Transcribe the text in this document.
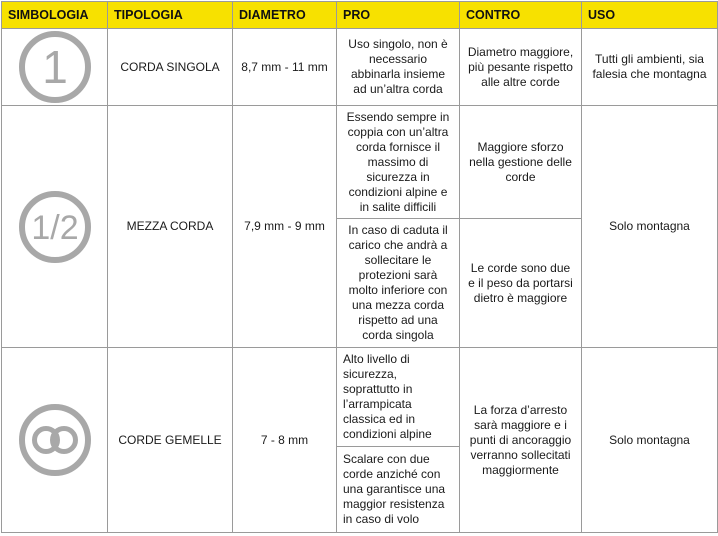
SIMBOLOGIA	TIPOLOGIA	DIAMETRO	PRO	CONTRO	USO

1	CORDA SINGOLA	8,7 mm - 11 mm	Uso singolo, non è necessario abbinarla insieme ad un’altra corda	Diametro maggiore, più pesante rispetto alle altre corde	Tutti gli ambienti, sia falesia che montagna

1/2	MEZZA CORDA	7,9 mm - 9 mm	Essendo sempre in coppia con un’altra corda fornisce il massimo di sicurezza in condizioni alpine e in salite difficili	Maggiore sforzo nella gestione delle corde	Solo montagna
			In caso di caduta il carico che andrà a sollecitare le protezioni sarà molto inferiore con una mezza corda rispetto ad una corda singola	Le corde sono due e il peso da portarsi dietro è maggiore	

	CORDE GEMELLE	7 - 8 mm	Alto livello di sicurezza, soprattutto in l’arrampicata classica ed in condizioni alpine	La forza d’arresto sarà maggiore e i punti di ancoraggio verranno sollecitati maggiormente	Solo montagna
			Scalare con due corde anziché con una garantisce una maggior resistenza in caso di volo		
